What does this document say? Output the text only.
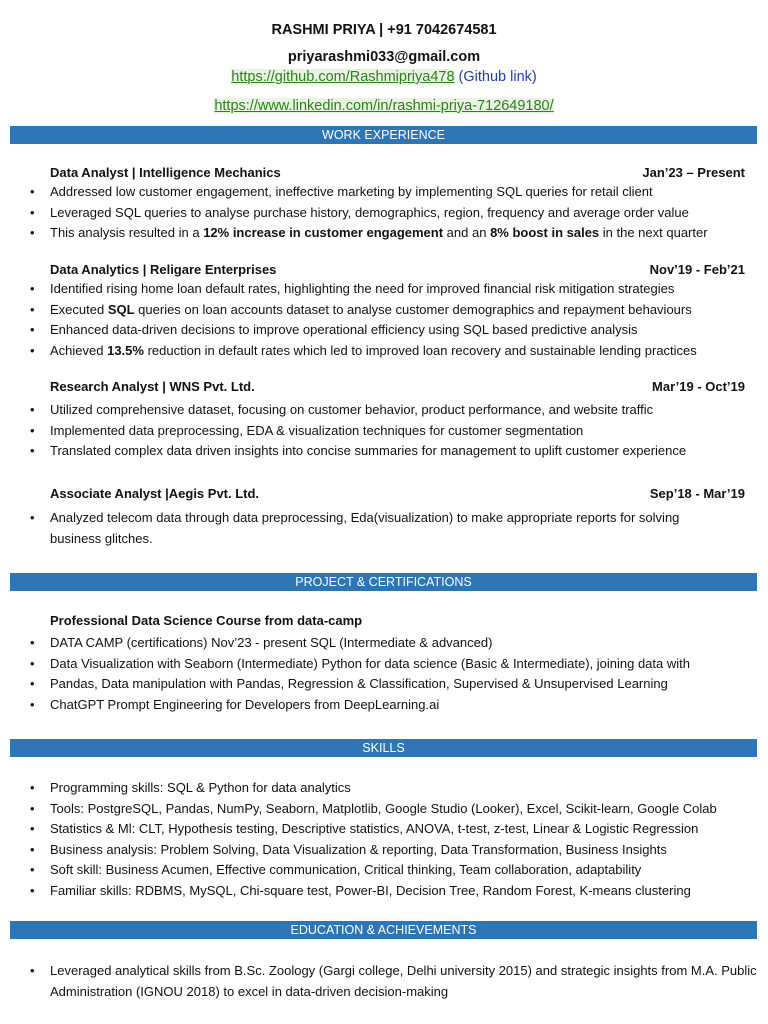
RASHMI PRIYA | +91 7042674581
priyarashmi033@gmail.com
https://github.com/Rashmipriya478 (Github link)
https://www.linkedin.com/in/rashmi-priya-712649180/
WORK EXPERIENCE
Data Analyst | Intelligence Mechanics	Jan’23 – Present
• Addressed low customer engagement, ineffective marketing by implementing SQL queries for retail client
• Leveraged SQL queries to analyse purchase history, demographics, region, frequency and average order value
• This analysis resulted in a 12% increase in customer engagement and an 8% boost in sales in the next quarter
Data Analytics | Religare Enterprises	Nov’19 - Feb’21
• Identified rising home loan default rates, highlighting the need for improved financial risk mitigation strategies
• Executed SQL queries on loan accounts dataset to analyse customer demographics and repayment behaviours
• Enhanced data-driven decisions to improve operational efficiency using SQL based predictive analysis
• Achieved 13.5% reduction in default rates which led to improved loan recovery and sustainable lending practices
Research Analyst | WNS Pvt. Ltd.	Mar’19 - Oct’19
• Utilized comprehensive dataset, focusing on customer behavior, product performance, and website traffic
• Implemented data preprocessing, EDA & visualization techniques for customer segmentation
• Translated complex data driven insights into concise summaries for management to uplift customer experience
Associate Analyst |Aegis Pvt. Ltd.	Sep’18 - Mar’19
• Analyzed telecom data through data preprocessing, Eda(visualization) to make appropriate reports for solving business glitches.
PROJECT & CERTIFICATIONS
Professional Data Science Course from data-camp
• DATA CAMP (certifications) Nov’23 - present SQL (Intermediate & advanced)
• Data Visualization with Seaborn (Intermediate) Python for data science (Basic & Intermediate), joining data with
• Pandas, Data manipulation with Pandas, Regression & Classification, Supervised & Unsupervised Learning
• ChatGPT Prompt Engineering for Developers from DeepLearning.ai
SKILLS
• Programming skills: SQL & Python for data analytics
• Tools: PostgreSQL, Pandas, NumPy, Seaborn, Matplotlib, Google Studio (Looker), Excel, Scikit-learn, Google Colab
• Statistics & Ml: CLT, Hypothesis testing, Descriptive statistics, ANOVA, t-test, z-test, Linear & Logistic Regression
• Business analysis: Problem Solving, Data Visualization & reporting, Data Transformation, Business Insights
• Soft skill: Business Acumen, Effective communication, Critical thinking, Team collaboration, adaptability
• Familiar skills: RDBMS, MySQL, Chi-square test, Power-BI, Decision Tree, Random Forest, K-means clustering
EDUCATION & ACHIEVEMENTS
• Leveraged analytical skills from B.Sc. Zoology (Gargi college, Delhi university 2015) and strategic insights from M.A. Public Administration (IGNOU 2018) to excel in data-driven decision-making
